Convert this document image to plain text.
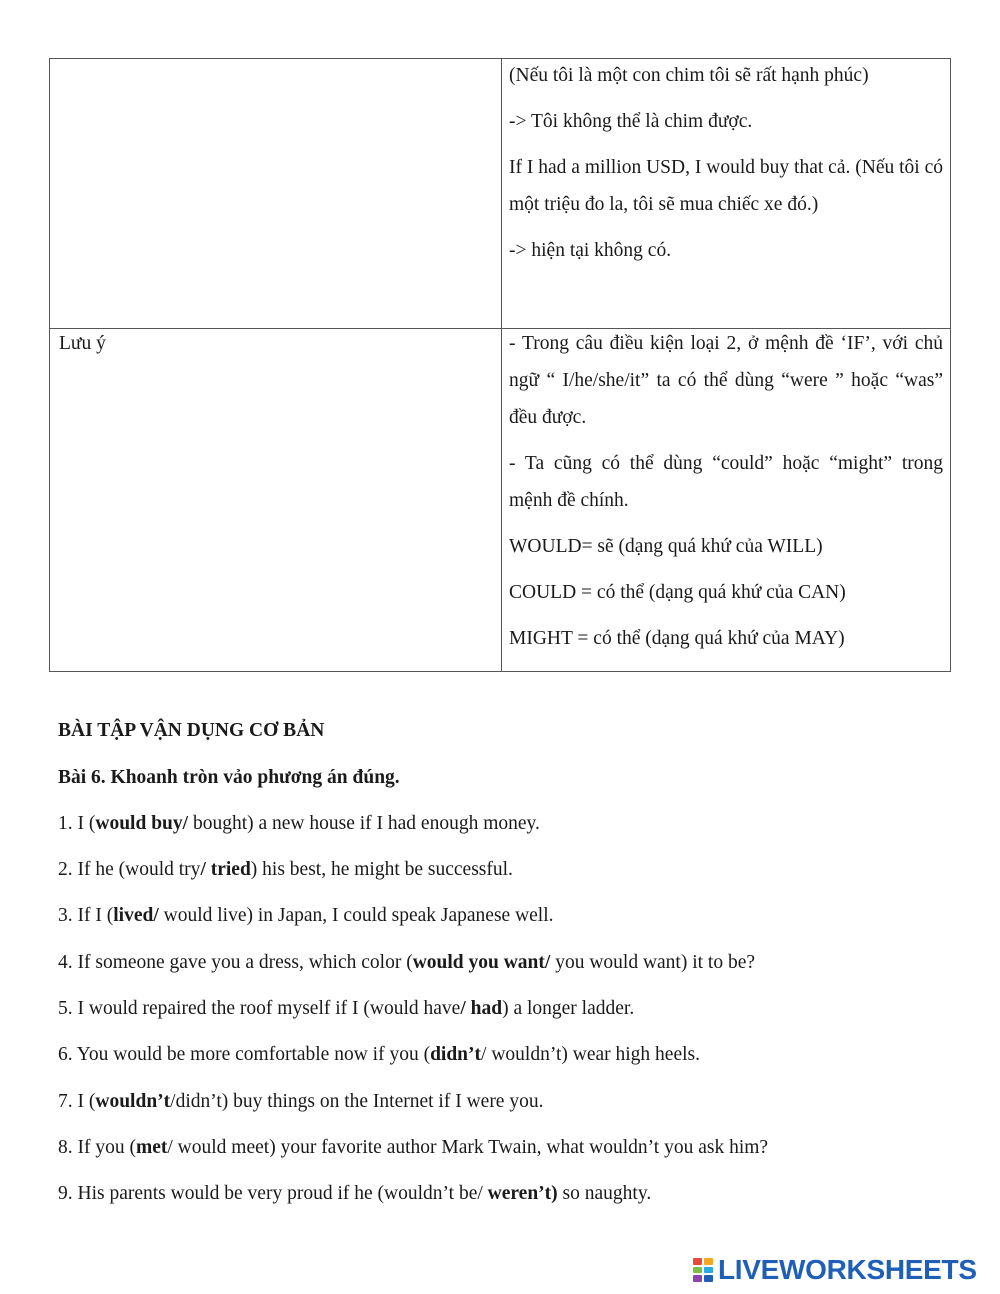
(Nếu tôi là một con chim tôi sẽ rất hạnh phúc)

-> Tôi không thể là chim được.

If I had a million USD, I would buy that cả. (Nếu tôi có một triệu đo la, tôi sẽ mua chiếc xe đó.)

-> hiện tại không có.

Lưu ý	- Trong câu điều kiện loại 2, ở mệnh đề ‘IF’, với chủ ngữ “ I/he/she/it” ta có thể dùng “were ” hoặc “was” đều được.

- Ta cũng có thể dùng “could” hoặc “might” trong mệnh đề chính.

WOULD= sẽ (dạng quá khứ của WILL)

COULD = có thể (dạng quá khứ của CAN)

MIGHT = có thể (dạng quá khứ của MAY)

BÀI TẬP VẬN DỤNG CƠ BẢN
Bài 6. Khoanh tròn vảo phương án đúng.
1. I (would buy/ bought) a new house if I had enough money.
2. If he (would try/ tried) his best, he might be successful.
3. If I (lived/ would live) in Japan, I could speak Japanese well.
4. If someone gave you a dress, which color (would you want/ you would want) it to be?
5. I would repaired the roof myself if I (would have/ had) a longer ladder.
6. You would be more comfortable now if you (didn’t/ wouldn’t) wear high heels.
7. I (wouldn’t/didn’t) buy things on the Internet if I were you.
8. If you (met/ would meet) your favorite author Mark Twain, what wouldn’t you ask him?
9. His parents would be very proud if he (wouldn’t be/ weren’t) so naughty.
LIVEWORKSHEETS
